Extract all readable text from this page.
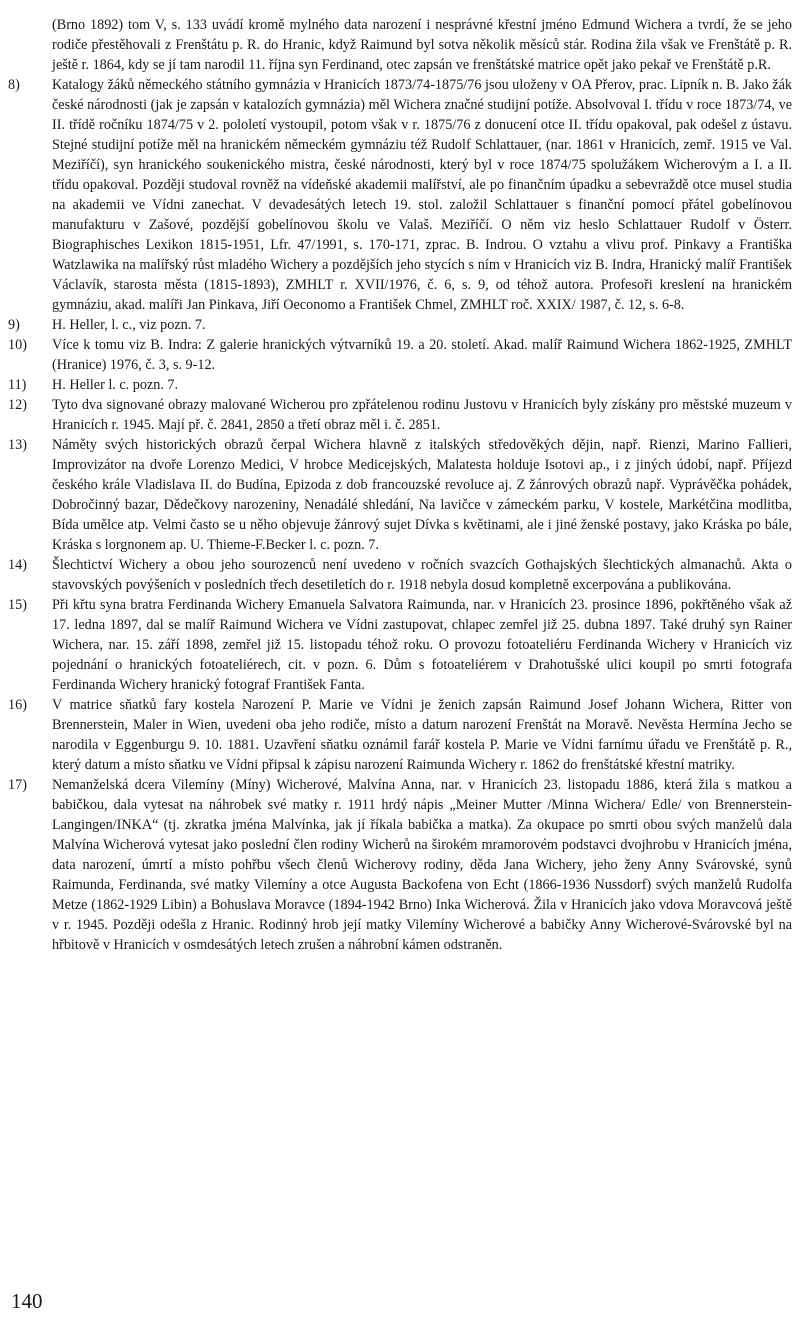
(Brno 1892) tom V, s. 133 uvádí kromě mylného data narození i nesprávné křestní jméno Edmund Wichera a tvrdí, že se jeho rodiče přestěhovali z Frenštátu p. R. do Hranic, když Raimund byl sotva několik měsíců stár. Rodina žila však ve Frenštátě p. R. ještě r. 1864, kdy se jí tam narodil 11. října syn Ferdinand, otec zapsán ve frenštátské matrice opět jako pekař ve Frenštátě p.R.
8) Katalogy žáků německého státního gymnázia v Hranicích 1873/74-1875/76 jsou uloženy v OA Přerov, prac. Lipník n. B. Jako žák české národnosti (jak je zapsán v katalozích gymnázia) měl Wichera značné studijní potíže. Absolvoval I. třídu v roce 1873/74, ve II. třídě ročníku 1874/75 v 2. pololetí vystoupil, potom však v r. 1875/76 z donucení otce II. třídu opakoval, pak odešel z ústavu. Stejné studijní potíže měl na hranickém německém gymnáziu též Rudolf Schlattauer, (nar. 1861 v Hranicích, zemř. 1915 ve Val. Meziříčí), syn hranického soukenického mistra, české národnosti, který byl v roce 1874/75 spolužákem Wicherovým a I. a II. třídu opakoval. Později studoval rovněž na vídeňské akademii malířství, ale po finančním úpadku a sebevraždě otce musel studia na akademii ve Vídni zanechat. V devadesátých letech 19. stol. založil Schlattauer s finanční pomocí přátel gobelínovou manufakturu v Zašové, pozdější gobelínovou školu ve Valaš. Meziříčí. O něm viz heslo Schlattauer Rudolf v Österr. Biographisches Lexikon 1815-1951, Lfr. 47/1991, s. 170-171, zprac. B. Indrou. O vztahu a vlivu prof. Pinkavy a Františka Watzlawika na malířský růst mladého Wichery a pozdějších jeho stycích s ním v Hranicích viz B. Indra, Hranický malíř František Václavík, starosta města (1815-1893), ZMHLT r. XVII/1976, č. 6, s. 9, od téhož autora. Profesoři kreslení na hranickém gymnáziu, akad. malíři Jan Pinkava, Jiří Oeconomo a František Chmel, ZMHLT roč. XXIX/ 1987, č. 12, s. 6-8.
9) H. Heller, l. c., viz pozn. 7.
10) Více k tomu viz B. Indra: Z galerie hranických výtvarníků 19. a 20. století. Akad. malíř Raimund Wichera 1862-1925, ZMHLT (Hranice) 1976, č. 3, s. 9-12.
11) H. Heller l. c. pozn. 7.
12) Tyto dva signované obrazy malované Wicherou pro zpřátelenou rodinu Justovu v Hranicích byly získány pro městské muzeum v Hranicích r. 1945. Mají př. č. 2841, 2850 a třetí obraz měl i. č. 2851.
13) Náměty svých historických obrazů čerpal Wichera hlavně z italských středověkých dějin, např. Rienzi, Marino Fallieri, Improvizátor na dvoře Lorenzo Medici, V hrobce Medicejských, Malatesta holduje Isotovi ap., i z jiných údobí, např. Příjezd českého krále Vladislava II. do Budína, Epizoda z dob francouzské revoluce aj. Z žánrových obrazů např. Vyprávěčka pohádek, Dobročinný bazar, Dědečkovy narozeniny, Nenadálé shledání, Na lavičce v zámeckém parku, V kostele, Markétčina modlitba, Bída umělce atp. Velmi často se u něho objevuje žánrový sujet Dívka s květinami, ale i jiné ženské postavy, jako Kráska po bále, Kráska s lorgnonem ap. U. Thieme-F.Becker l. c. pozn. 7.
14) Šlechtictví Wichery a obou jeho sourozenců není uvedeno v ročních svazcích Gothajských šlechtických almanachů. Akta o stavovských povýšeních v posledních třech desetiletích do r. 1918 nebyla dosud kompletně excerpována a publikována.
15) Při křtu syna bratra Ferdinanda Wichery Emanuela Salvatora Raimunda, nar. v Hranicích 23. prosince 1896, pokřtěného však až 17. ledna 1897, dal se malíř Raimund Wichera ve Vídni zastupovat, chlapec zemřel již 25. dubna 1897. Také druhý syn Rainer Wichera, nar. 15. září 1898, zemřel již 15. listopadu téhož roku. O provozu fotoateliéru Ferdinanda Wichery v Hranicích viz pojednání o hranických fotoateliérech, cit. v pozn. 6. Dům s fotoateliérem v Drahotušské ulici koupil po smrti fotografa Ferdinanda Wichery hranický fotograf František Fanta.
16) V matrice sňatků fary kostela Narození P. Marie ve Vídni je ženich zapsán Raimund Josef Johann Wichera, Ritter von Brennerstein, Maler in Wien, uvedeni oba jeho rodiče, místo a datum narození Frenštát na Moravě. Nevěsta Hermína Jecho se narodila v Eggenburgu 9. 10. 1881. Uzavření sňatku oznámil farář kostela P. Marie ve Vídni farnímu úřadu ve Frenštátě p. R., který datum a místo sňatku ve Vídni připsal k zápisu narození Raimunda Wichery r. 1862 do frenštátské křestní matriky.
17) Nemanželská dcera Vilemíny (Míny) Wicherové, Malvína Anna, nar. v Hranicích 23. listopadu 1886, která žila s matkou a babičkou, dala vytesat na náhrobek své matky r. 1911 hrdý nápis „Meiner Mutter /Minna Wichera/ Edle/ von Brennerstein-Langingen/INKA“ (tj. zkratka jména Malvínka, jak jí říkala babička a matka). Za okupace po smrti obou svých manželů dala Malvína Wicherová vytesat jako poslední člen rodiny Wicherů na širokém mramorovém podstavci dvojhrobu v Hranicích jména, data narození, úmrtí a místo pohřbu všech členů Wicherovy rodiny, děda Jana Wichery, jeho ženy Anny Svárovské, synů Raimunda, Ferdinanda, své matky Vilemíny a otce Augusta Backofena von Echt (1866-1936 Nussdorf) svých manželů Rudolfa Metze (1862-1929 Libin) a Bohuslava Moravce (1894-1942 Brno) Inka Wicherová. Žila v Hranicích jako vdova Moravcová ještě v r. 1945. Později odešla z Hranic. Rodinný hrob její matky Vilemíny Wicherové a babičky Anny Wicherové-Svárovské byl na hřbitově v Hranicích v osmdesátých letech zrušen a náhrobní kámen odstraněn.
140
